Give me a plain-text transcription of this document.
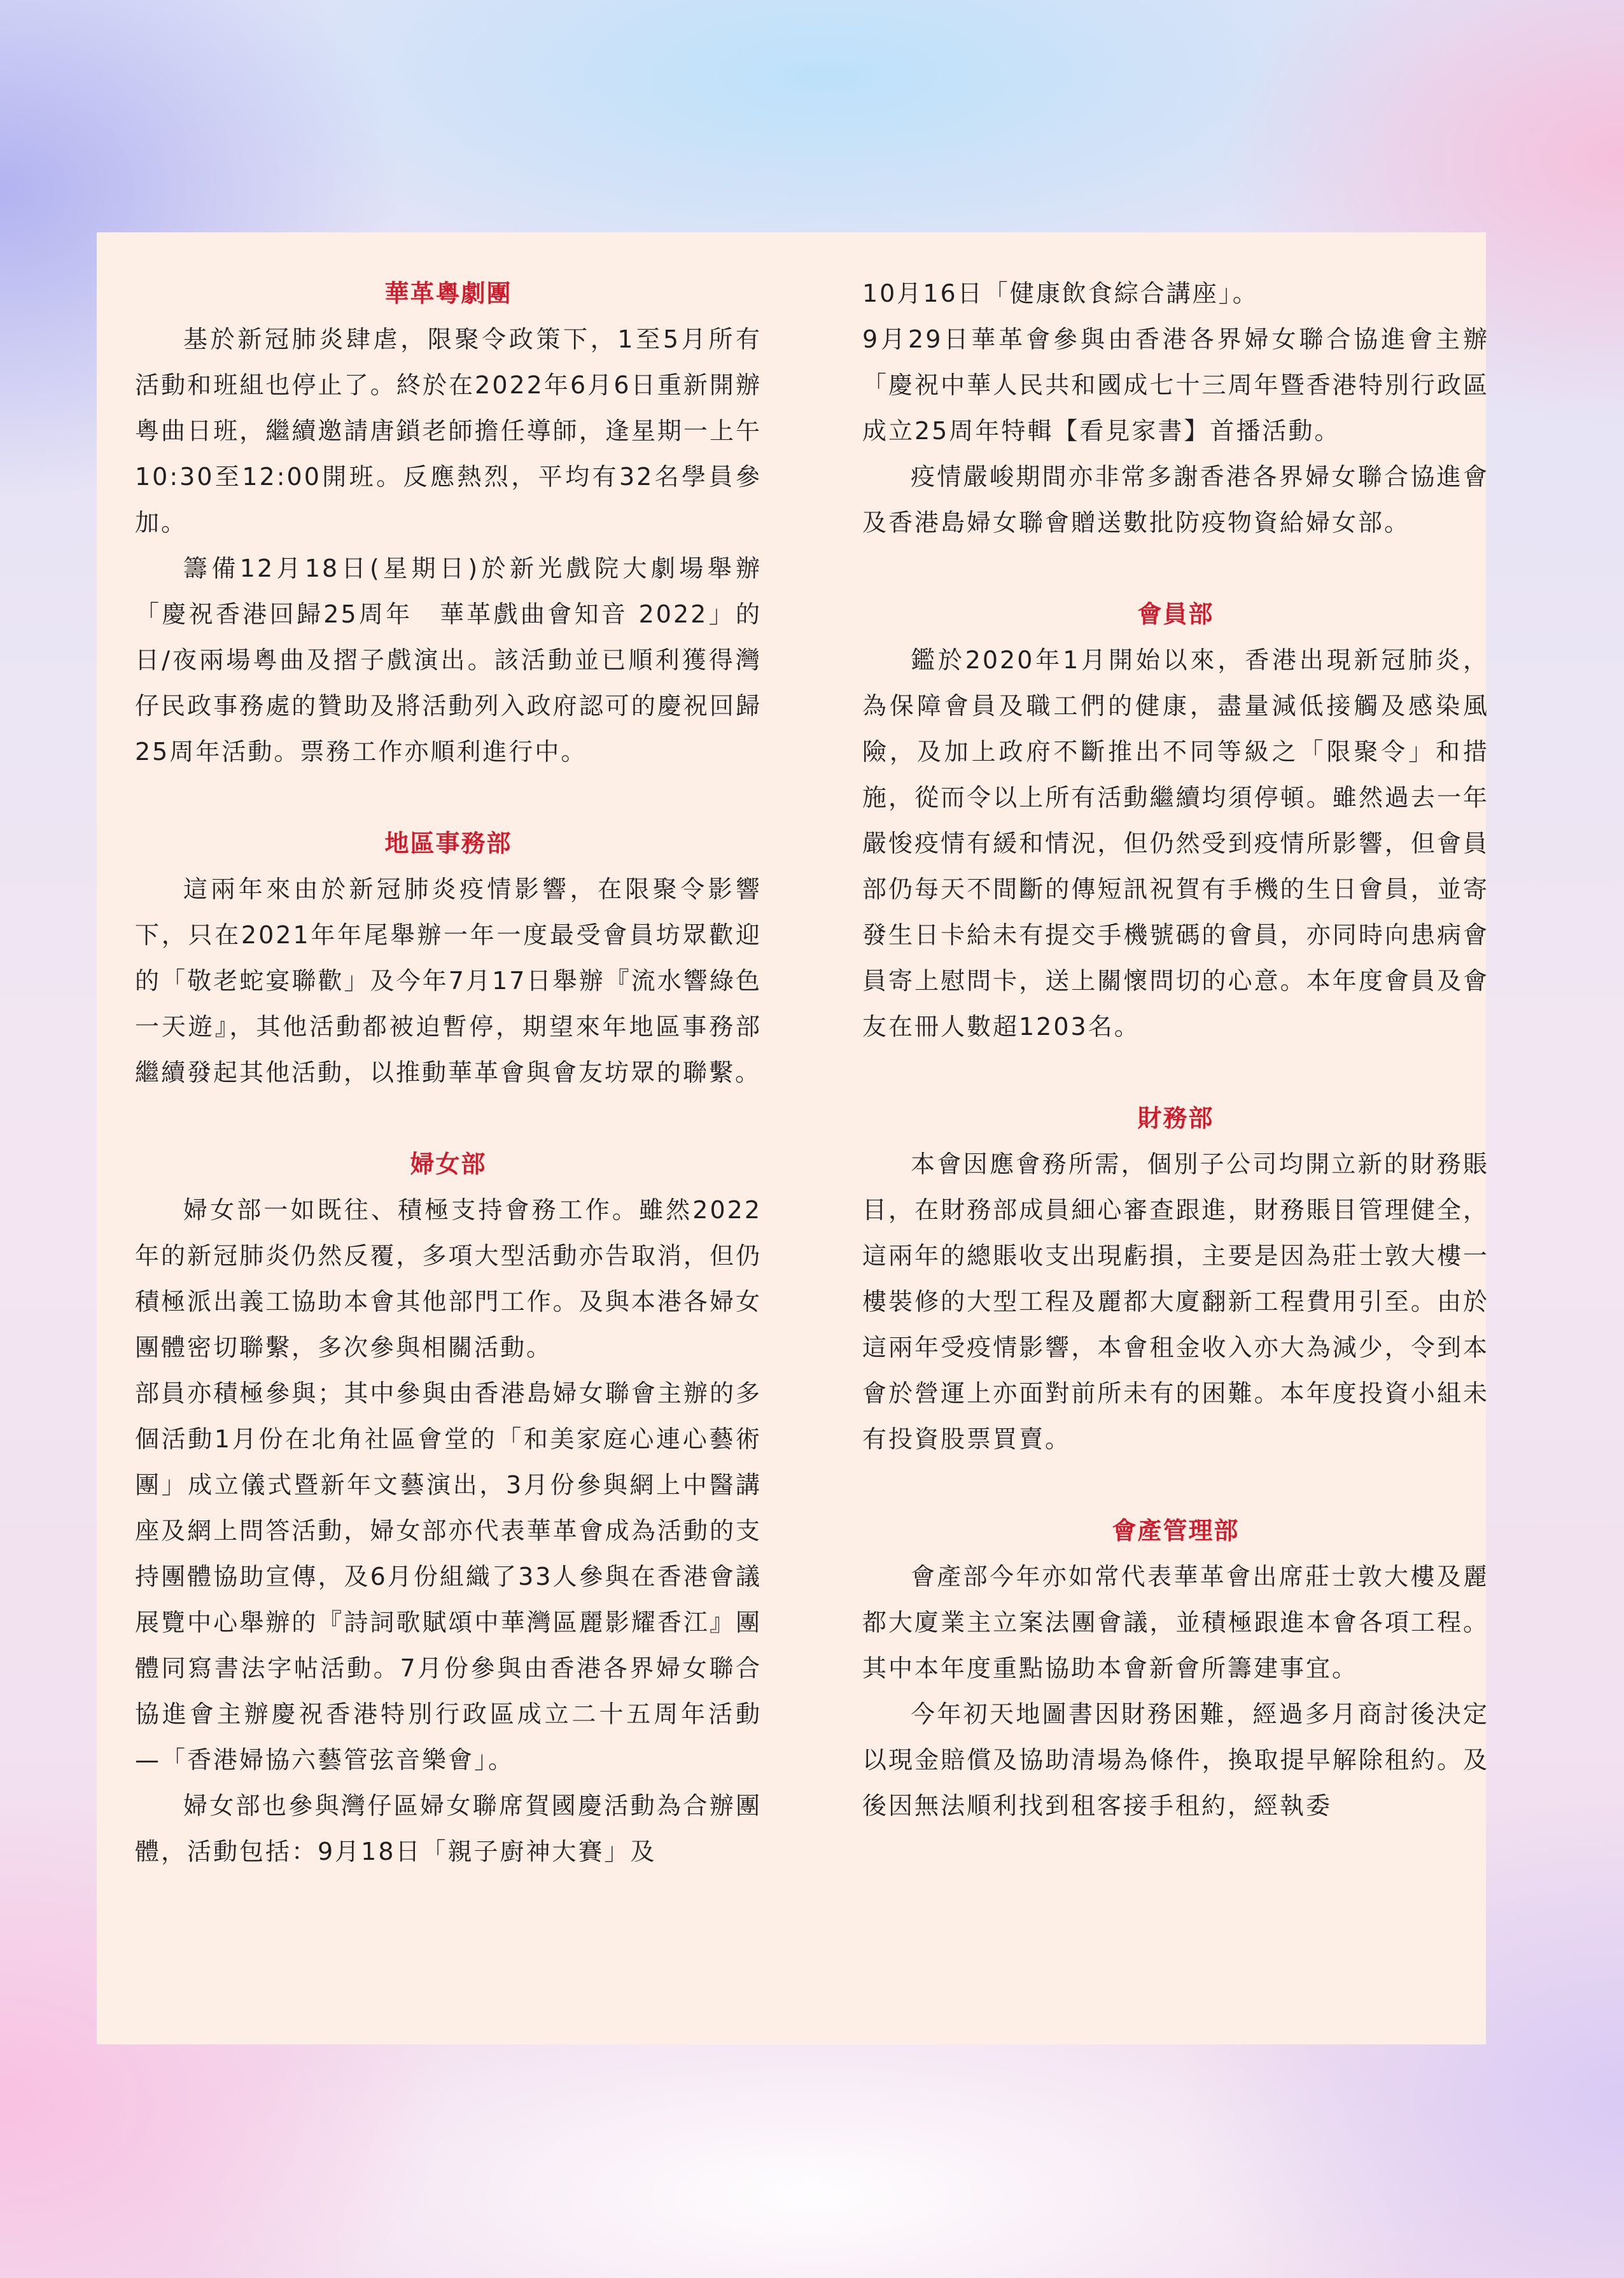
華革粵劇團

基於新冠肺炎肆虐，限聚令政策下，1至5月所有活動和班組也停止了。終於在2022年6月6日重新開辦粵曲日班，繼續邀請唐鎖老師擔任導師，逢星期一上午10:30至12:00開班。反應熱烈，平均有32名學員參加。

籌備12月18日(星期日)於新光戲院大劇場舉辦「慶祝香港回歸25周年　華革戲曲會知音 2022」的日/夜兩場粵曲及摺子戲演出。該活動並已順利獲得灣仔民政事務處的贊助及將活動列入政府認可的慶祝回歸25周年活動。票務工作亦順利進行中。

地區事務部

這兩年來由於新冠肺炎疫情影響，在限聚令影響下，只在2021年年尾舉辦一年一度最受會員坊眾歡迎的「敬老蛇宴聯歡」及今年7月17日舉辦『流水響綠色一天遊』，其他活動都被迫暫停，期望來年地區事務部繼續發起其他活動，以推動華革會與會友坊眾的聯繫。

婦女部

婦女部一如既往、積極支持會務工作。雖然2022年的新冠肺炎仍然反覆，多項大型活動亦告取消，但仍積極派出義工協助本會其他部門工作。及與本港各婦女團體密切聯繫，多次參與相關活動。

部員亦積極參與；其中參與由香港島婦女聯會主辦的多個活動1月份在北角社區會堂的「和美家庭心連心藝術團」成立儀式暨新年文藝演出，3月份參與網上中醫講座及網上問答活動，婦女部亦代表華革會成為活動的支持團體協助宣傳，及6月份組織了33人參與在香港會議展覽中心舉辦的『詩詞歌賦頌中華灣區麗影耀香江』團體同寫書法字帖活動。7月份參與由香港各界婦女聯合協進會主辦慶祝香港特別行政區成立二十五周年活動 —「香港婦協六藝管弦音樂會」。

婦女部也參與灣仔區婦女聯席賀國慶活動為合辦團體，活動包括：9月18日「親子廚神大賽」及

10月16日「健康飲食綜合講座」。

9月29日華革會參與由香港各界婦女聯合協進會主辦「慶祝中華人民共和國成七十三周年暨香港特別行政區成立25周年特輯【看見家書】首播活動。

疫情嚴峻期間亦非常多謝香港各界婦女聯合協進會及香港島婦女聯會贈送數批防疫物資給婦女部。

會員部

鑑於2020年1月開始以來，香港出現新冠肺炎，為保障會員及職工們的健康，盡量減低接觸及感染風險，及加上政府不斷推出不同等級之「限聚令」和措施，從而令以上所有活動繼續均須停頓。雖然過去一年嚴悛疫情有緩和情況，但仍然受到疫情所影響，但會員部仍每天不間斷的傳短訊祝賀有手機的生日會員，並寄發生日卡給未有提交手機號碼的會員，亦同時向患病會員寄上慰問卡，送上關懷問切的心意。本年度會員及會友在冊人數超1203名。

財務部

本會因應會務所需，個別子公司均開立新的財務賬目，在財務部成員細心審查跟進，財務賬目管理健全，這兩年的總賬收支出現虧損，主要是因為莊士敦大樓一樓裝修的大型工程及麗都大廈翻新工程費用引至。由於這兩年受疫情影響，本會租金收入亦大為減少，令到本會於營運上亦面對前所未有的困難。本年度投資小組未有投資股票買賣。

會產管理部

會產部今年亦如常代表華革會出席莊士敦大樓及麗都大廈業主立案法團會議，並積極跟進本會各項工程。其中本年度重點協助本會新會所籌建事宜。

今年初天地圖書因財務困難，經過多月商討後決定以現金賠償及協助清場為條件，換取提早解除租約。及後因無法順利找到租客接手租約，經執委
